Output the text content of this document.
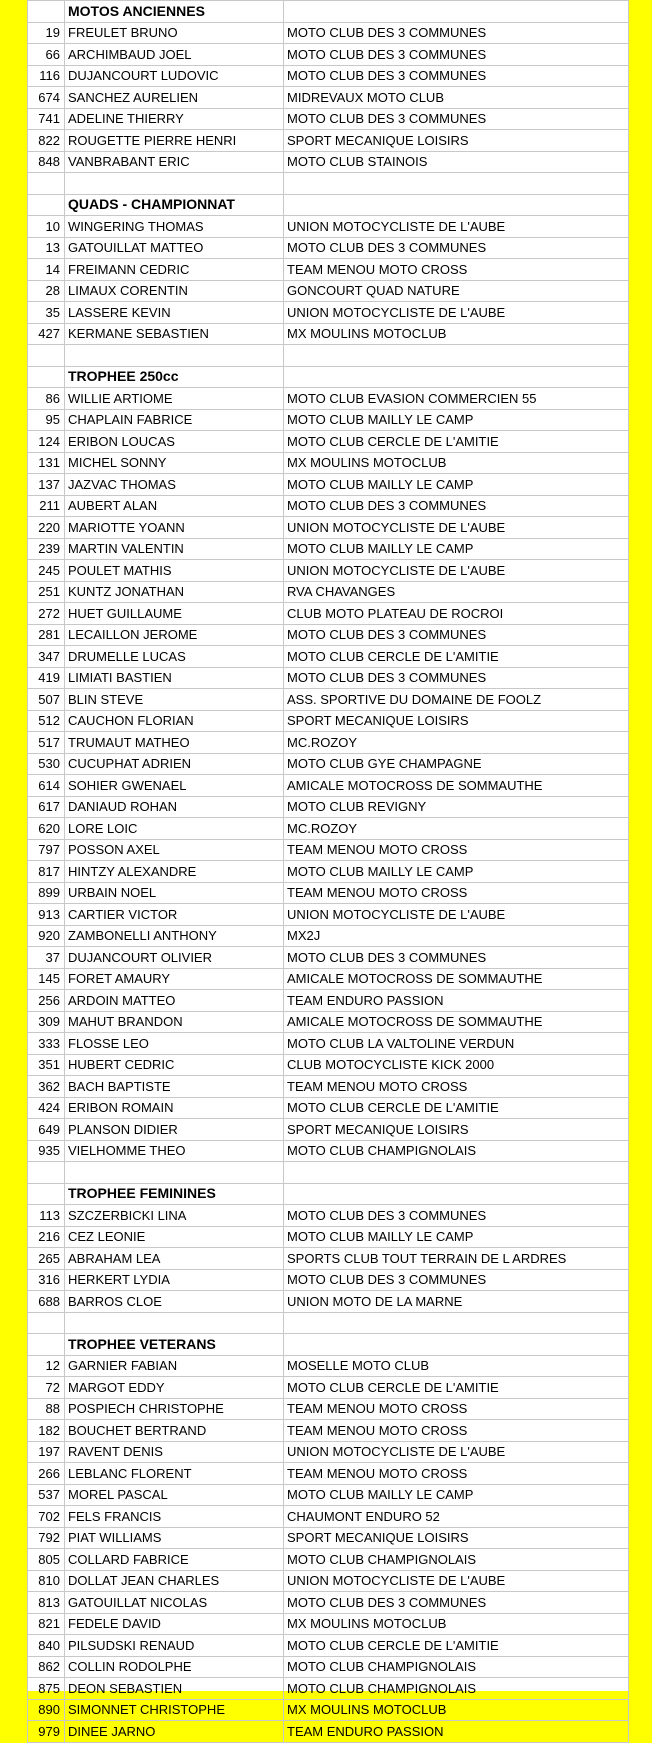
	MOTOS ANCIENNES	
19	FREULET BRUNO	MOTO CLUB DES 3 COMMUNES
66	ARCHIMBAUD JOEL	MOTO CLUB DES 3 COMMUNES
116	DUJANCOURT LUDOVIC	MOTO CLUB DES 3 COMMUNES
674	SANCHEZ AURELIEN	MIDREVAUX MOTO CLUB
741	ADELINE THIERRY	MOTO CLUB DES 3 COMMUNES
822	ROUGETTE PIERRE HENRI	SPORT MECANIQUE LOISIRS
848	VANBRABANT ERIC	MOTO CLUB STAINOIS

	QUADS - CHAMPIONNAT	
10	WINGERING THOMAS	UNION MOTOCYCLISTE DE L'AUBE
13	GATOUILLAT MATTEO	MOTO CLUB DES 3 COMMUNES
14	FREIMANN CEDRIC	TEAM MENOU MOTO CROSS
28	LIMAUX CORENTIN	GONCOURT QUAD NATURE
35	LASSERE KEVIN	UNION MOTOCYCLISTE DE L'AUBE
427	KERMANE SEBASTIEN	MX MOULINS MOTOCLUB

	TROPHEE 250cc	
86	WILLIE ARTIOME	MOTO CLUB EVASION COMMERCIEN 55
95	CHAPLAIN FABRICE	MOTO CLUB MAILLY LE CAMP
124	ERIBON LOUCAS	MOTO CLUB CERCLE DE L'AMITIE
131	MICHEL SONNY	MX MOULINS MOTOCLUB
137	JAZVAC THOMAS	MOTO CLUB MAILLY LE CAMP
211	AUBERT ALAN	MOTO CLUB DES 3 COMMUNES
220	MARIOTTE YOANN	UNION MOTOCYCLISTE DE L'AUBE
239	MARTIN VALENTIN	MOTO CLUB MAILLY LE CAMP
245	POULET MATHIS	UNION MOTOCYCLISTE DE L'AUBE
251	KUNTZ JONATHAN	RVA CHAVANGES
272	HUET GUILLAUME	CLUB MOTO PLATEAU DE ROCROI
281	LECAILLON JEROME	MOTO CLUB DES 3 COMMUNES
347	DRUMELLE LUCAS	MOTO CLUB CERCLE DE L'AMITIE
419	LIMIATI BASTIEN	MOTO CLUB DES 3 COMMUNES
507	BLIN STEVE	ASS. SPORTIVE DU DOMAINE DE FOOLZ
512	CAUCHON FLORIAN	SPORT MECANIQUE LOISIRS
517	TRUMAUT MATHEO	MC.ROZOY
530	CUCUPHAT ADRIEN	MOTO CLUB GYE CHAMPAGNE
614	SOHIER GWENAEL	AMICALE MOTOCROSS DE SOMMAUTHE
617	DANIAUD ROHAN	MOTO CLUB REVIGNY
620	LORE LOIC	MC.ROZOY
797	POSSON AXEL	TEAM MENOU MOTO CROSS
817	HINTZY ALEXANDRE	MOTO CLUB MAILLY LE CAMP
899	URBAIN NOEL	TEAM MENOU MOTO CROSS
913	CARTIER VICTOR	UNION MOTOCYCLISTE DE L'AUBE
920	ZAMBONELLI ANTHONY	MX2J
37	DUJANCOURT OLIVIER	MOTO CLUB DES 3 COMMUNES
145	FORET AMAURY	AMICALE MOTOCROSS DE SOMMAUTHE
256	ARDOIN MATTEO	TEAM ENDURO PASSION
309	MAHUT BRANDON	AMICALE MOTOCROSS DE SOMMAUTHE
333	FLOSSE LEO	MOTO CLUB LA VALTOLINE VERDUN
351	HUBERT CEDRIC	CLUB MOTOCYCLISTE KICK 2000
362	BACH BAPTISTE	TEAM MENOU MOTO CROSS
424	ERIBON ROMAIN	MOTO CLUB CERCLE DE L'AMITIE
649	PLANSON DIDIER	SPORT MECANIQUE LOISIRS
935	VIELHOMME THEO	MOTO CLUB CHAMPIGNOLAIS

	TROPHEE FEMININES	
113	SZCZERBICKI LINA	MOTO CLUB DES 3 COMMUNES
216	CEZ LEONIE	MOTO CLUB MAILLY LE CAMP
265	ABRAHAM LEA	SPORTS CLUB TOUT TERRAIN DE L ARDRES
316	HERKERT LYDIA	MOTO CLUB DES 3 COMMUNES
688	BARROS CLOE	UNION MOTO DE LA MARNE

	TROPHEE VETERANS	
12	GARNIER FABIAN	MOSELLE MOTO CLUB
72	MARGOT EDDY	MOTO CLUB CERCLE DE L'AMITIE
88	POSPIECH CHRISTOPHE	TEAM MENOU MOTO CROSS
182	BOUCHET BERTRAND	TEAM MENOU MOTO CROSS
197	RAVENT DENIS	UNION MOTOCYCLISTE DE L'AUBE
266	LEBLANC FLORENT	TEAM MENOU MOTO CROSS
537	MOREL PASCAL	MOTO CLUB MAILLY LE CAMP
702	FELS FRANCIS	CHAUMONT ENDURO 52
792	PIAT WILLIAMS	SPORT MECANIQUE LOISIRS
805	COLLARD FABRICE	MOTO CLUB CHAMPIGNOLAIS
810	DOLLAT JEAN CHARLES	UNION MOTOCYCLISTE DE L'AUBE
813	GATOUILLAT NICOLAS	MOTO CLUB DES 3 COMMUNES
821	FEDELE DAVID	MX MOULINS MOTOCLUB
840	PILSUDSKI RENAUD	MOTO CLUB CERCLE DE L'AMITIE
862	COLLIN RODOLPHE	MOTO CLUB CHAMPIGNOLAIS
875	DEON SEBASTIEN	MOTO CLUB CHAMPIGNOLAIS
890	SIMONNET CHRISTOPHE	MX MOULINS MOTOCLUB
979	DINEE JARNO	TEAM ENDURO PASSION
